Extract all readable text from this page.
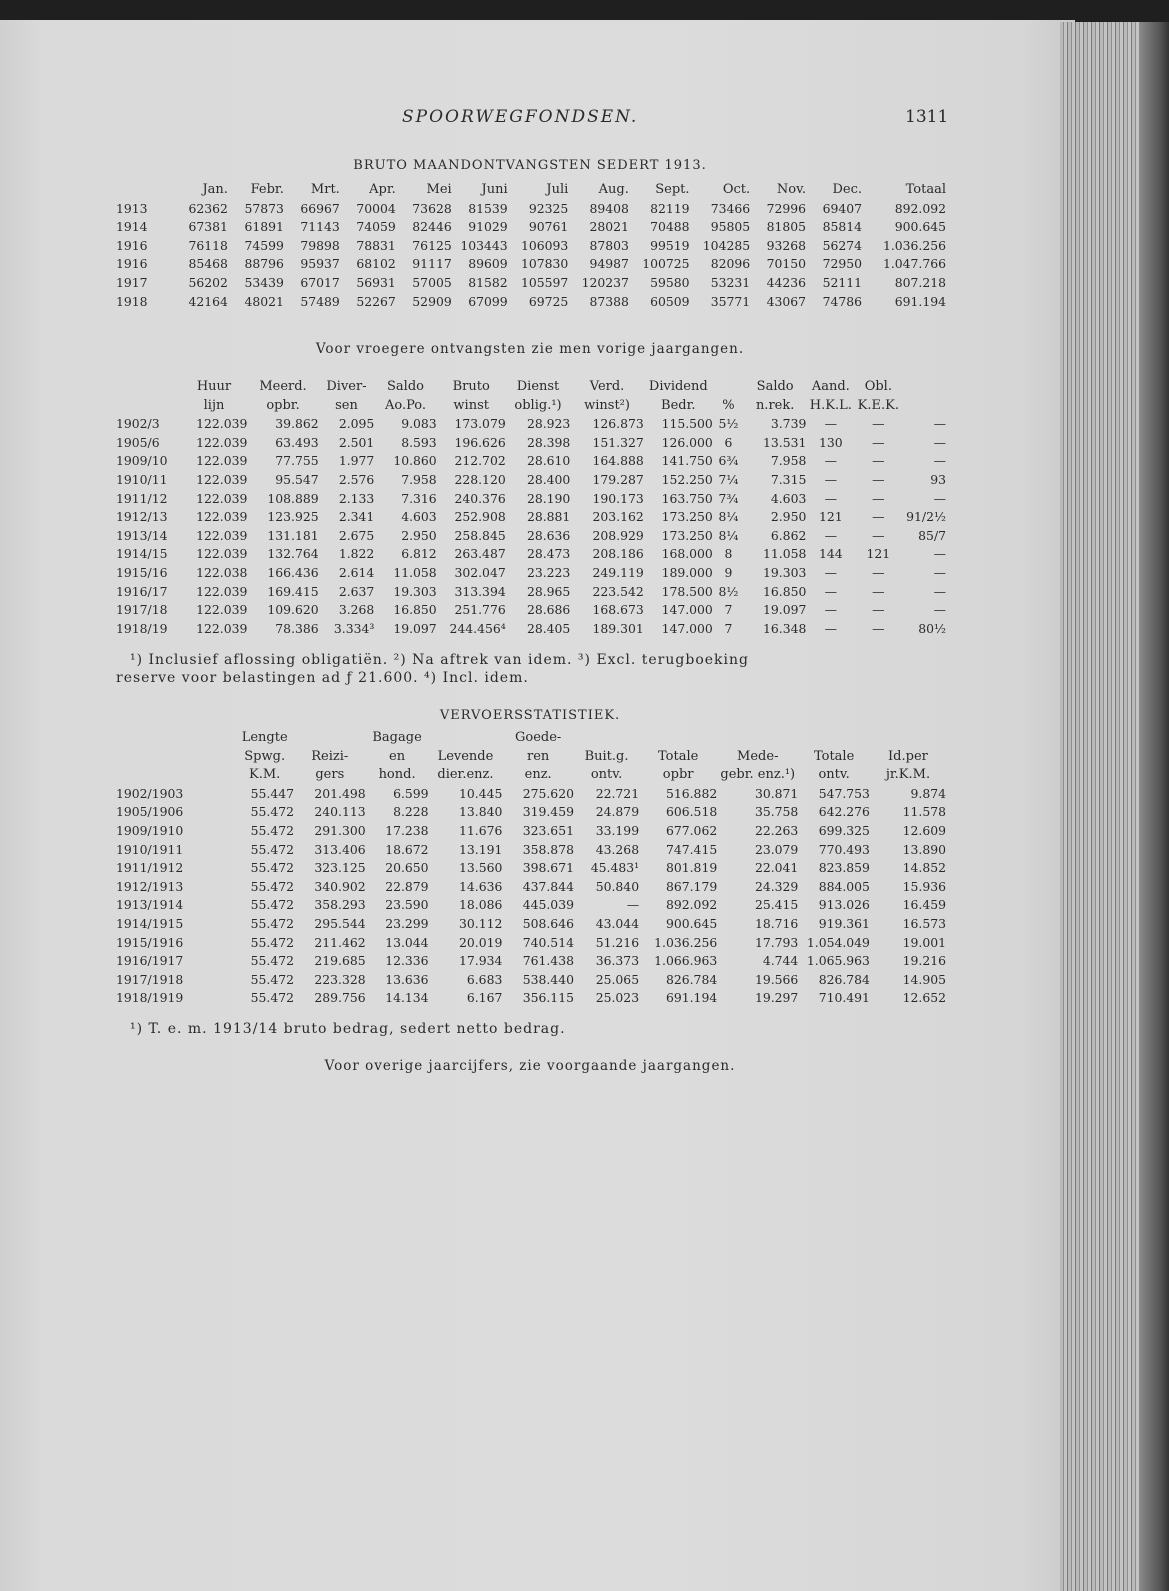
SPOORWEGFONDSEN.	1311
BRUTO MAANDONTVANGSTEN SEDERT 1913.
	Jan.	Febr.	Mrt.	Apr.	Mei	Juni	Juli	Aug.	Sept.	Oct.	Nov.	Dec.	Totaal
1913	62362	57873	66967	70004	73628	81539	92325	89408	82119	73466	72996	69407	892.092
1914	67381	61891	71143	74059	82446	91029	90761	28021	70488	95805	81805	85814	900.645
1916	76118	74599	79898	78831	76125	103443	106093	87803	99519	104285	93268	56274	1.036.256
1916	85468	88796	95937	68102	91117	89609	107830	94987	100725	82096	70150	72950	1.047.766
1917	56202	53439	67017	56931	57005	81582	105597	120237	59580	53231	44236	52111	807.218
1918	42164	48021	57489	52267	52909	67099	69725	87388	60509	35771	43067	74786	691.194
Voor vroegere ontvangsten zie men vorige jaargangen.
	Huur	Meerd.	Diver-	Saldo	Bruto	Dienst	Verd.	Dividend		Saldo	Aand.	Obl.	
	lijn	opbr.	sen	Ao.Po.	winst	oblig.¹)	winst²)	Bedr.	%	n.rek.	H.K.L.	K.E.K.	
1902/3	122.039	39.862	2.095	9.083	173.079	28.923	126.873	115.500	5½	3.739	—	—	—
1905/6	122.039	63.493	2.501	8.593	196.626	28.398	151.327	126.000	6	13.531	130	—	—
1909/10	122.039	77.755	1.977	10.860	212.702	28.610	164.888	141.750	6¾	7.958	—	—	—
1910/11	122.039	95.547	2.576	7.958	228.120	28.400	179.287	152.250	7¼	7.315	—	—	93
1911/12	122.039	108.889	2.133	7.316	240.376	28.190	190.173	163.750	7¾	4.603	—	—	—
1912/13	122.039	123.925	2.341	4.603	252.908	28.881	203.162	173.250	8¼	2.950	121	—	91/2½
1913/14	122.039	131.181	2.675	2.950	258.845	28.636	208.929	173.250	8¼	6.862	—	—	85/7
1914/15	122.039	132.764	1.822	6.812	263.487	28.473	208.186	168.000	8	11.058	144	121	—
1915/16	122.038	166.436	2.614	11.058	302.047	23.223	249.119	189.000	9	19.303	—	—	—
1916/17	122.039	169.415	2.637	19.303	313.394	28.965	223.542	178.500	8½	16.850	—	—	—
1917/18	122.039	109.620	3.268	16.850	251.776	28.686	168.673	147.000	7	19.097	—	—	—
1918/19	122.039	78.386	3.334³	19.097	244.456⁴	28.405	189.301	147.000	7	16.348	—	—	80½
¹) Inclusief aflossing obligatiën. ²) Na aftrek van idem. ³) Excl. terugboeking
reserve voor belastingen ad ƒ 21.600. ⁴) Incl. idem.
VERVOERSSTATISTIEK.
	Lengte		Bagage		Goede-					
	Spwg.	Reizi-	en	Levende	ren	Buit.g.	Totale	Mede-	Totale	Id.per
	K.M.	gers	hond.	dier.enz.	enz.	ontv.	opbr	gebr. enz.¹)	ontv.	jr.K.M.
1902/1903	55.447	201.498	6.599	10.445	275.620	22.721	516.882	30.871	547.753	9.874
1905/1906	55.472	240.113	8.228	13.840	319.459	24.879	606.518	35.758	642.276	11.578
1909/1910	55.472	291.300	17.238	11.676	323.651	33.199	677.062	22.263	699.325	12.609
1910/1911	55.472	313.406	18.672	13.191	358.878	43.268	747.415	23.079	770.493	13.890
1911/1912	55.472	323.125	20.650	13.560	398.671	45.483¹	801.819	22.041	823.859	14.852
1912/1913	55.472	340.902	22.879	14.636	437.844	50.840	867.179	24.329	884.005	15.936
1913/1914	55.472	358.293	23.590	18.086	445.039	—	892.092	25.415	913.026	16.459
1914/1915	55.472	295.544	23.299	30.112	508.646	43.044	900.645	18.716	919.361	16.573
1915/1916	55.472	211.462	13.044	20.019	740.514	51.216	1.036.256	17.793	1.054.049	19.001
1916/1917	55.472	219.685	12.336	17.934	761.438	36.373	1.066.963	4.744	1.065.963	19.216
1917/1918	55.472	223.328	13.636	6.683	538.440	25.065	826.784	19.566	826.784	14.905
1918/1919	55.472	289.756	14.134	6.167	356.115	25.023	691.194	19.297	710.491	12.652
¹) T. e. m. 1913/14 bruto bedrag, sedert netto bedrag.
Voor overige jaarcijfers, zie voorgaande jaargangen.
